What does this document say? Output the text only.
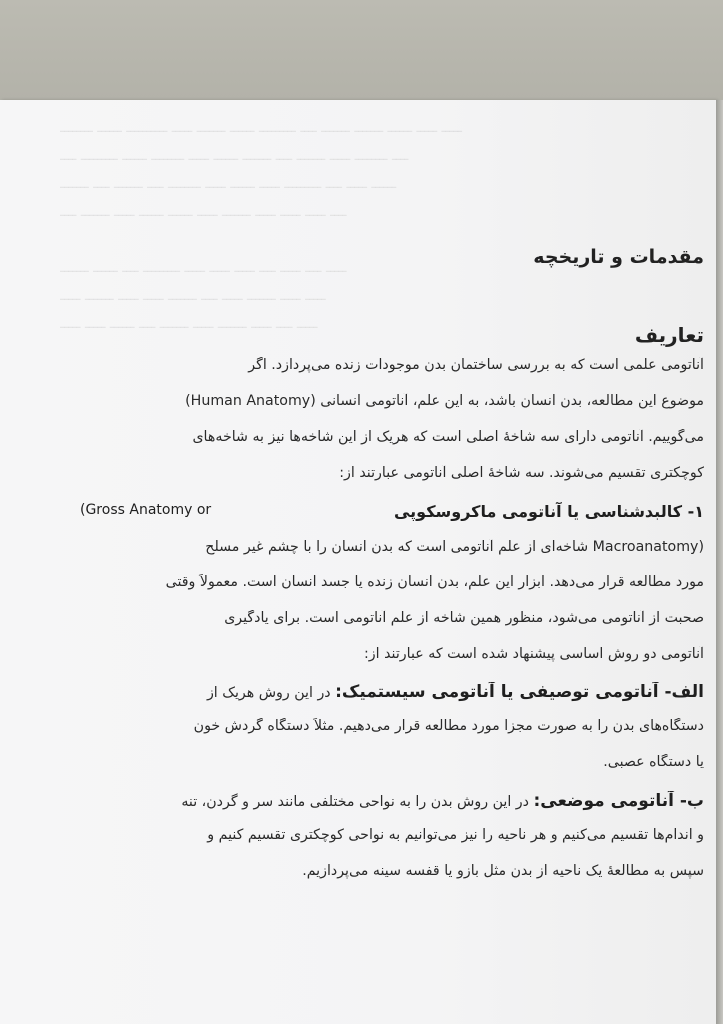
ــــــــ ــــــ ــــــــــ ـــــ ـــــــ ــــــ ـــــــــ ــــ ـــــــ ـــــــ ــــــ ـــــ ـــــ
ــــ ـــــــــ ــــــ ــــــــ ـــــ ــــــ ـــــــ ــــ ـــــــ ـــــ ــــــــ ــــ
ـــــــ ــــ ـــــــ ــــ ــــــــ ـــــ ــــــ ـــــ ـــــــــ ــــ ـــــ ــــــ
ــــ ـــــــ ـــــ ــــــ ــــــ ـــــ ـــــــ ـــــ ـــــ ـــــ ــــ
ـــــــ ــــــ ــــ ـــــــــ ـــــ ـــــ ـــــ ــــ ـــــ ــــ ـــــ
ـــــ ـــــــ ـــــ ـــــ ـــــــ ــــ ـــــ ـــــــ ـــــ ـــــ
ـــــ ـــــ ــــــ ــــ ـــــــ ـــــ ـــــــ ـــــ ــــ ـــــ
مقدمات و تاریخچه
تعاریف
آناتومی علمی است که به بررسی ساختمان بدن موجودات زنده می‌پردازد. اگر
موضوع این مطالعه، بدن انسان باشد، به این علم، آناتومی انسانی (Human Anatomy)
می‌گوییم. آناتومی دارای سه شاخهٔ اصلی است که هریک از این شاخه‌ها نیز به شاخه‌های
کوچکتری تقسیم می‌شوند. سه شاخهٔ اصلی آناتومی عبارتند از:
۱- کالبدشناسی یا آناتومی ماکروسکوپی
(Gross Anatomy or
(Macroanatomy شاخه‌ای از علم آناتومی است که بدن انسان را با چشم غیر مسلح
مورد مطالعه قرار می‌دهد. ابزار این علم، بدن انسان زنده یا جسد انسان است. معمولاً وقتی
صحبت از آناتومی می‌شود، منظور همین شاخه از علم آناتومی است. برای یادگیری
آناتومی دو روش اساسی پیشنهاد شده است که عبارتند از:
الف- آناتومی توصیفی یا آناتومی سیستمیک: در این روش هریک از
دستگاه‌های بدن را به صورت مجزا مورد مطالعه قرار می‌دهیم. مثلاً دستگاه گردش خون
یا دستگاه عصبی.
ب- آناتومی موضعی: در این روش بدن را به نواحی مختلفی مانند سر و گردن، تنه
و اندام‌ها تقسیم می‌کنیم و هر ناحیه را نیز می‌توانیم به نواحی کوچکتری تقسیم کنیم و
سپس به مطالعهٔ یک ناحیه از بدن مثل بازو یا قفسه سینه می‌پردازیم.
